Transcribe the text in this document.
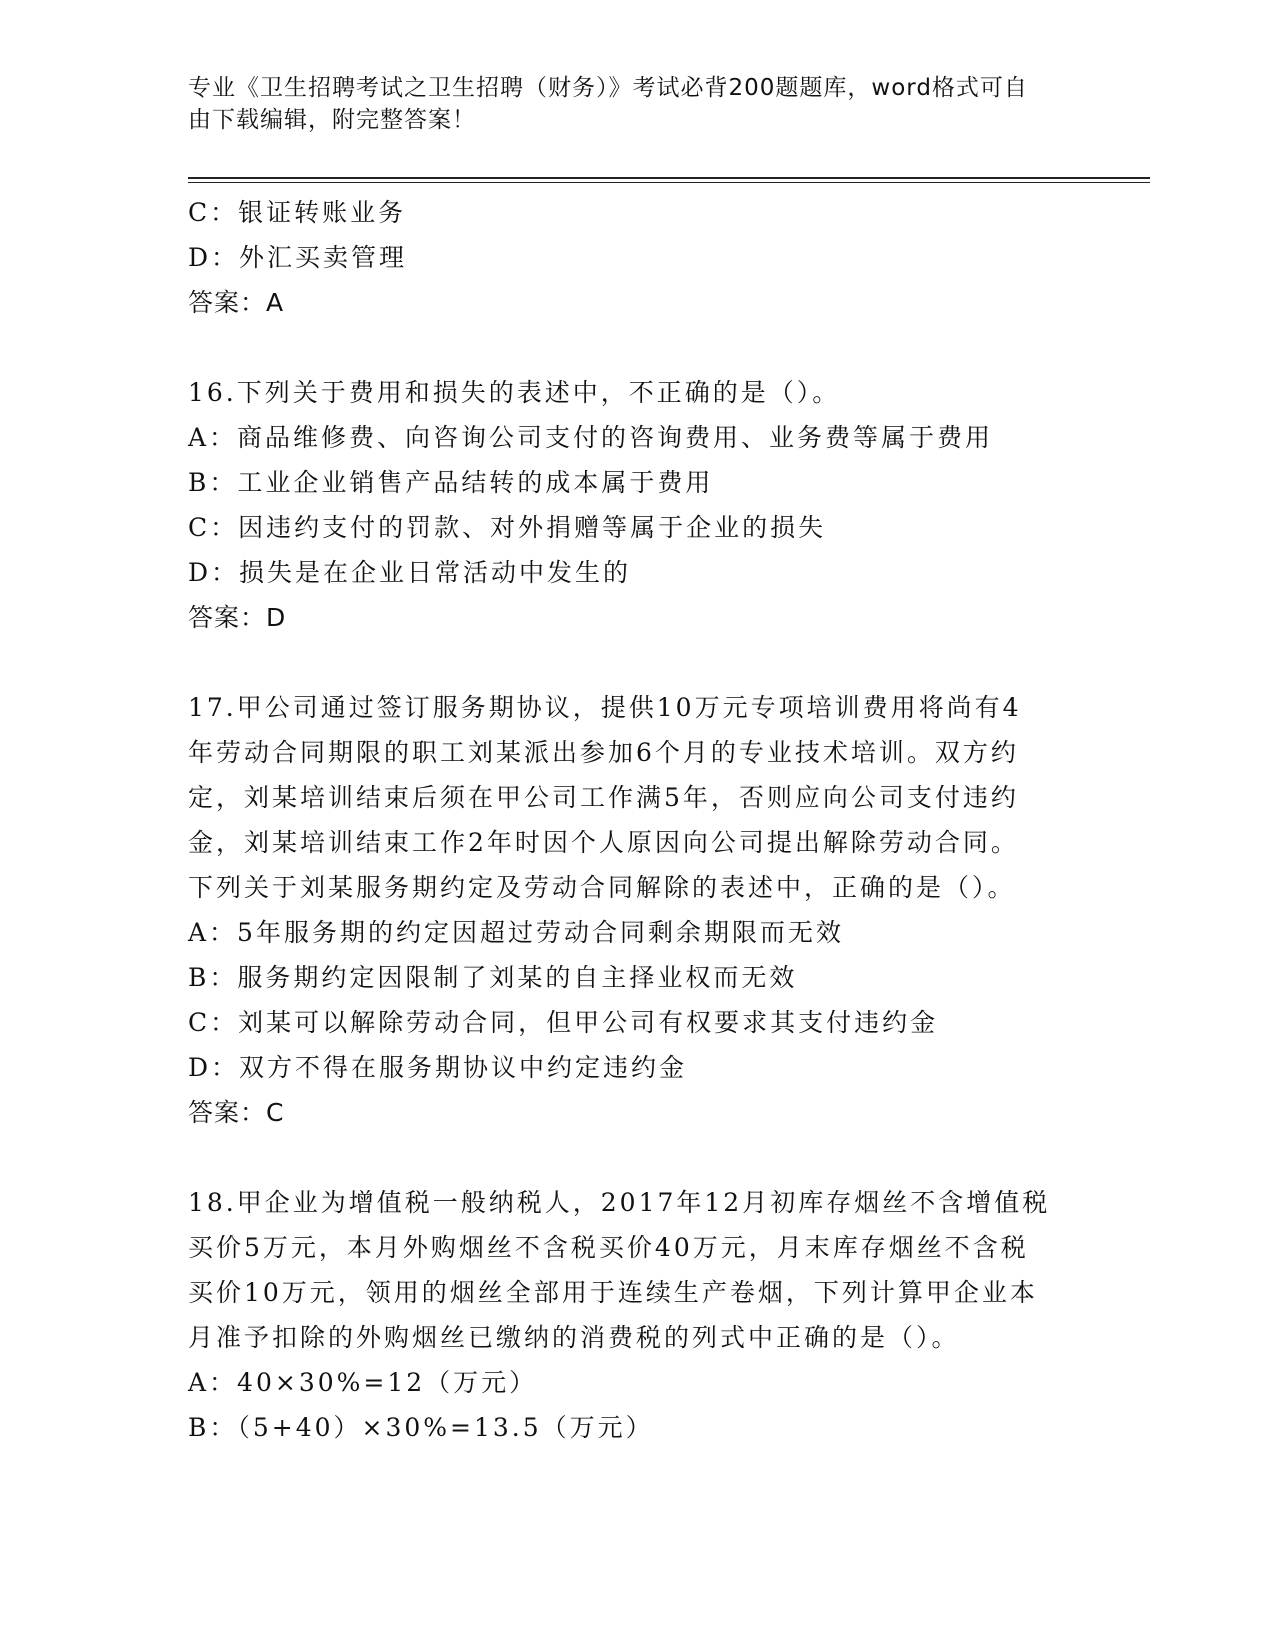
专业《卫生招聘考试之卫生招聘（财务）》考试必背200题题库，word格式可自
由下载编辑，附完整答案！
C：银证转账业务
D：外汇买卖管理
答案：A
16.下列关于费用和损失的表述中，不正确的是（）。
A：商品维修费、向咨询公司支付的咨询费用、业务费等属于费用
B：工业企业销售产品结转的成本属于费用
C：因违约支付的罚款、对外捐赠等属于企业的损失
D：损失是在企业日常活动中发生的
答案：D
17.甲公司通过签订服务期协议，提供10万元专项培训费用将尚有4
年劳动合同期限的职工刘某派出参加6个月的专业技术培训。双方约
定，刘某培训结束后须在甲公司工作满5年，否则应向公司支付违约
金，刘某培训结束工作2年时因个人原因向公司提出解除劳动合同。
下列关于刘某服务期约定及劳动合同解除的表述中，正确的是（）。
A：5年服务期的约定因超过劳动合同剩余期限而无效
B：服务期约定因限制了刘某的自主择业权而无效
C：刘某可以解除劳动合同，但甲公司有权要求其支付违约金
D：双方不得在服务期协议中约定违约金
答案：C
18.甲企业为增值税一般纳税人，2017年12月初库存烟丝不含增值税
买价5万元，本月外购烟丝不含税买价40万元，月末库存烟丝不含税
买价10万元，领用的烟丝全部用于连续生产卷烟，下列计算甲企业本
月准予扣除的外购烟丝已缴纳的消费税的列式中正确的是（）。
A：40×30%=12（万元）
B：（5+40）×30%=13.5（万元）
